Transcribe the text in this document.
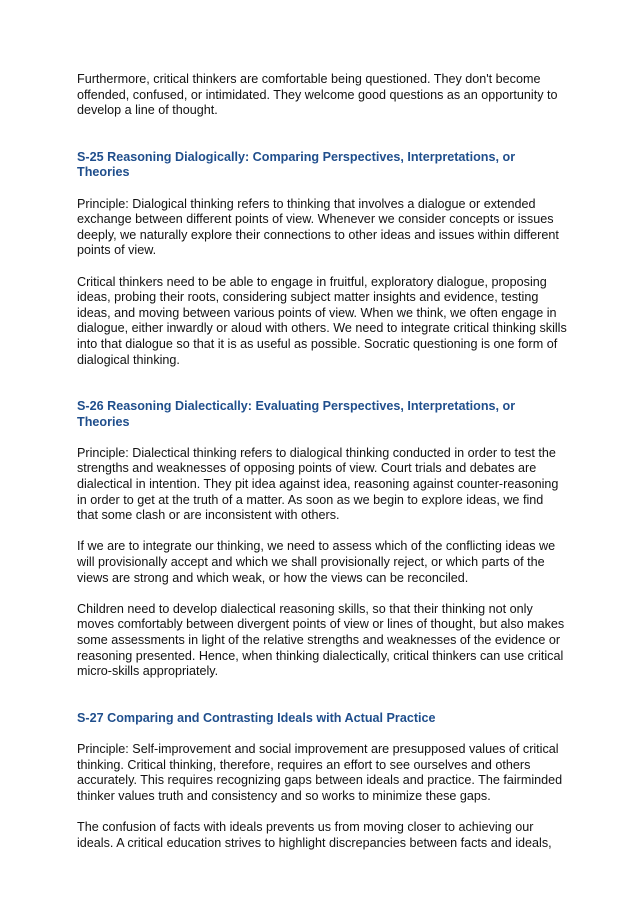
Furthermore, critical thinkers are comfortable being questioned. They don't become offended, confused, or intimidated. They welcome good questions as an opportunity to develop a line of thought.

S-25 Reasoning Dialogically: Comparing Perspectives, Interpretations, or Theories

Principle: Dialogical thinking refers to thinking that involves a dialogue or extended exchange between different points of view. Whenever we consider concepts or issues deeply, we naturally explore their connections to other ideas and issues within different points of view.

Critical thinkers need to be able to engage in fruitful, exploratory dialogue, proposing ideas, probing their roots, considering subject matter insights and evidence, testing ideas, and moving between various points of view. When we think, we often engage in dialogue, either inwardly or aloud with others. We need to integrate critical thinking skills into that dialogue so that it is as useful as possible. Socratic questioning is one form of dialogical thinking.

S-26 Reasoning Dialectically: Evaluating Perspectives, Interpretations, or Theories

Principle: Dialectical thinking refers to dialogical thinking conducted in order to test the strengths and weaknesses of opposing points of view. Court trials and debates are dialectical in intention. They pit idea against idea, reasoning against counter-reasoning in order to get at the truth of a matter. As soon as we begin to explore ideas, we find that some clash or are inconsistent with others.

If we are to integrate our thinking, we need to assess which of the conflicting ideas we will provisionally accept and which we shall provisionally reject, or which parts of the views are strong and which weak, or how the views can be reconciled.

Children need to develop dialectical reasoning skills, so that their thinking not only moves comfortably between divergent points of view or lines of thought, but also makes some assessments in light of the relative strengths and weaknesses of the evidence or reasoning presented. Hence, when thinking dialectically, critical thinkers can use critical micro-skills appropriately.

S-27 Comparing and Contrasting Ideals with Actual Practice

Principle: Self-improvement and social improvement are presupposed values of critical thinking. Critical thinking, therefore, requires an effort to see ourselves and others accurately. This requires recognizing gaps between ideals and practice. The fairminded thinker values truth and consistency and so works to minimize these gaps.

The confusion of facts with ideals prevents us from moving closer to achieving our ideals. A critical education strives to highlight discrepancies between facts and ideals,
